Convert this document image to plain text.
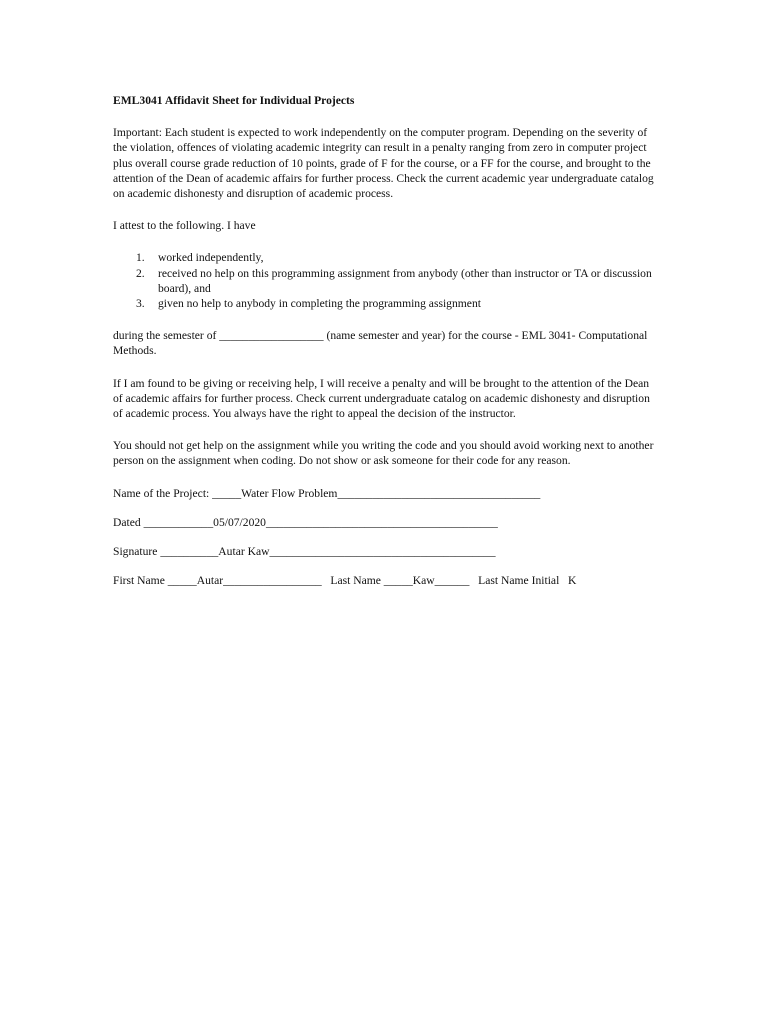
EML3041 Affidavit Sheet for Individual Projects

Important: Each student is expected to work independently on the computer program. Depending on the severity of the violation, offences of violating academic integrity can result in a penalty ranging from zero in computer project plus overall course grade reduction of 10 points, grade of F for the course, or a FF for the course, and brought to the attention of the Dean of academic affairs for further process. Check the current academic year undergraduate catalog on academic dishonesty and disruption of academic process.

I attest to the following. I have

1. worked independently,
2. received no help on this programming assignment from anybody (other than instructor or TA or discussion board), and
3. given no help to anybody in completing the programming assignment

during the semester of __________________ (name semester and year) for the course - EML 3041- Computational Methods.

If I am found to be giving or receiving help, I will receive a penalty and will be brought to the attention of the Dean of academic affairs for further process. Check current undergraduate catalog on academic dishonesty and disruption of academic process. You always have the right to appeal the decision of the instructor.

You should not get help on the assignment while you writing the code and you should avoid working next to another person on the assignment when coding. Do not show or ask someone for their code for any reason.

Name of the Project: _____Water Flow Problem___________________________________

Dated ____________05/07/2020________________________________________

Signature __________Autar Kaw_______________________________________

First Name _____Autar_________________   Last Name _____Kaw______   Last Name Initial   K
